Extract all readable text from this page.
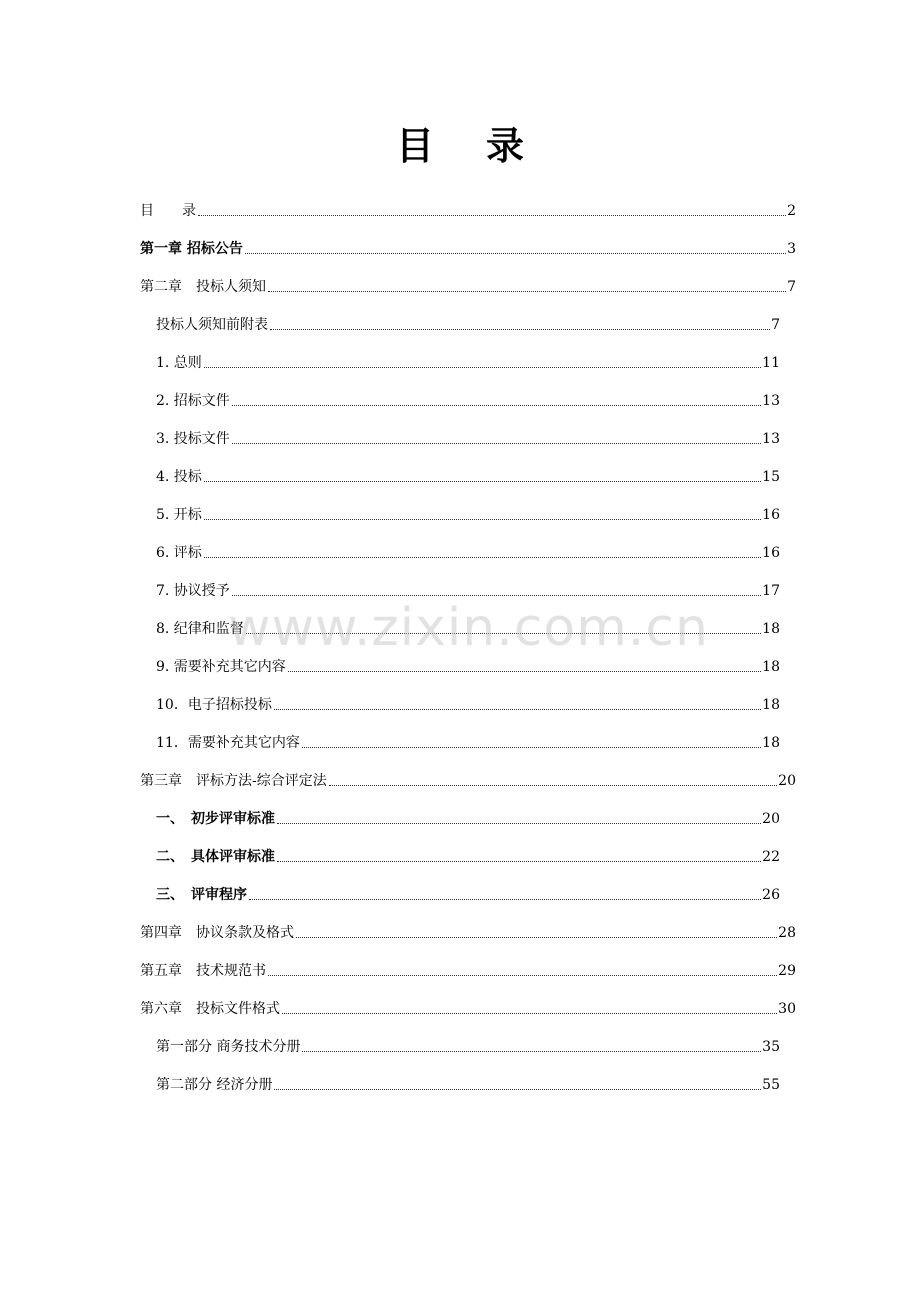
目 录
目　　录	2
第一章 招标公告	3
第二章　投标人须知	7
投标人须知前附表	7
1. 总则	11
2. 招标文件	13
3. 投标文件	13
4. 投标	15
5. 开标	16
6. 评标	16
7. 协议授予	17
8. 纪律和监督	18
9. 需要补充其它内容	18
10．电子招标投标	18
11．需要补充其它内容	18
第三章　评标方法-综合评定法	20
一、　初步评审标准	20
二、　具体评审标准	22
三、　评审程序	26
第四章　协议条款及格式	28
第五章　技术规范书	29
第六章　投标文件格式	30
第一部分 商务技术分册	35
第二部分 经济分册	55
www.zixin.com.cn
